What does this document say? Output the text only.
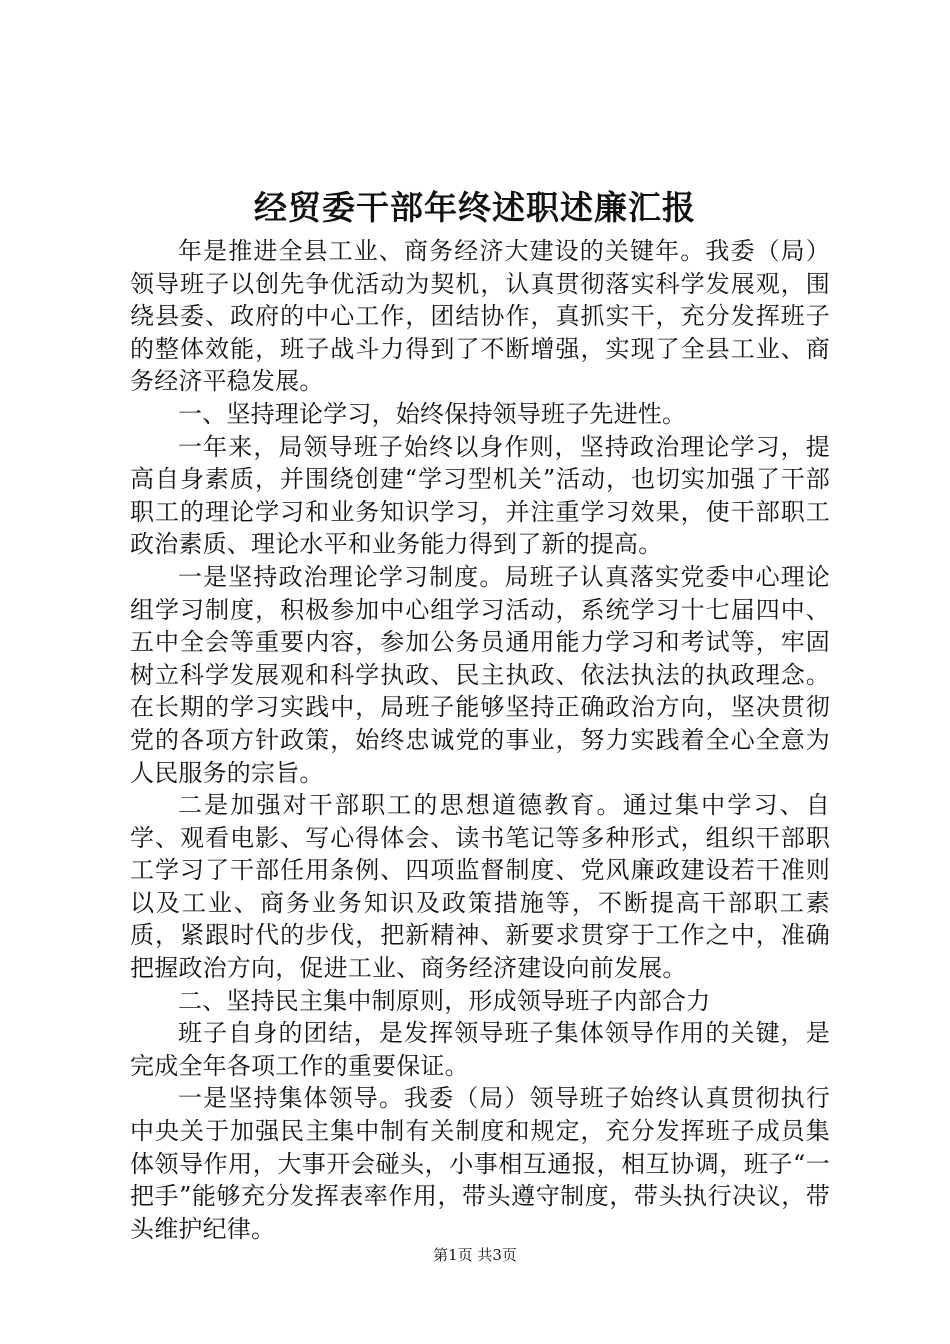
经贸委干部年终述职述廉汇报

年是推进全县工业、商务经济大建设的关键年。我委（局）领导班子以创先争优活动为契机，认真贯彻落实科学发展观，围绕县委、政府的中心工作，团结协作，真抓实干，充分发挥班子的整体效能，班子战斗力得到了不断增强，实现了全县工业、商务经济平稳发展。

一、坚持理论学习，始终保持领导班子先进性。

一年来，局领导班子始终以身作则，坚持政治理论学习，提高自身素质，并围绕创建“学习型机关”活动，也切实加强了干部职工的理论学习和业务知识学习，并注重学习效果，使干部职工政治素质、理论水平和业务能力得到了新的提高。

一是坚持政治理论学习制度。局班子认真落实党委中心理论组学习制度，积极参加中心组学习活动，系统学习十七届四中、五中全会等重要内容，参加公务员通用能力学习和考试等，牢固树立科学发展观和科学执政、民主执政、依法执法的执政理念。在长期的学习实践中，局班子能够坚持正确政治方向，坚决贯彻党的各项方针政策，始终忠诚党的事业，努力实践着全心全意为人民服务的宗旨。

二是加强对干部职工的思想道德教育。通过集中学习、自学、观看电影、写心得体会、读书笔记等多种形式，组织干部职工学习了干部任用条例、四项监督制度、党风廉政建设若干准则以及工业、商务业务知识及政策措施等，不断提高干部职工素质，紧跟时代的步伐，把新精神、新要求贯穿于工作之中，准确把握政治方向，促进工业、商务经济建设向前发展。

二、坚持民主集中制原则，形成领导班子内部合力

班子自身的团结，是发挥领导班子集体领导作用的关键，是完成全年各项工作的重要保证。

一是坚持集体领导。我委（局）领导班子始终认真贯彻执行中央关于加强民主集中制有关制度和规定，充分发挥班子成员集体领导作用，大事开会碰头，小事相互通报，相互协调，班子“一把手”能够充分发挥表率作用，带头遵守制度，带头执行决议，带头维护纪律。

第1页 共3页
